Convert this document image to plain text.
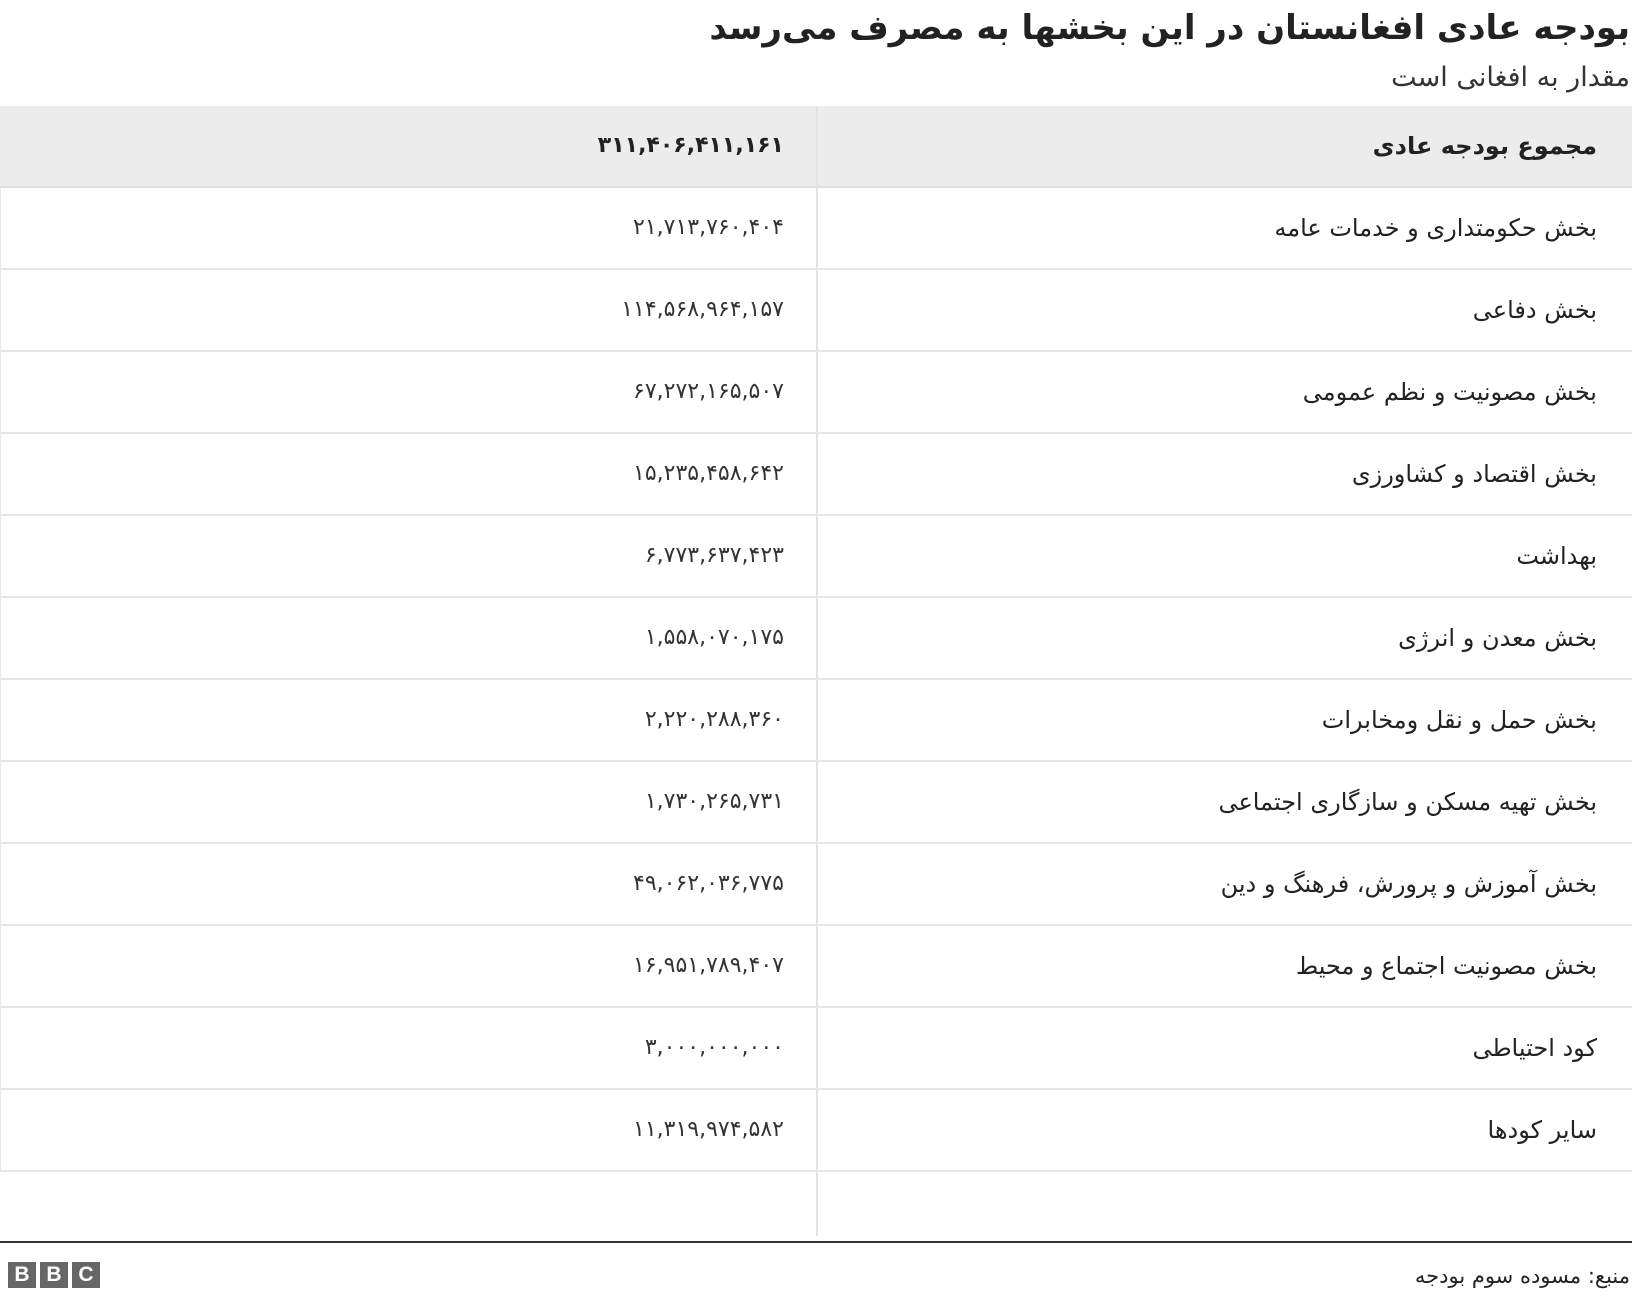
بودجه عادی افغانستان در این بخشها به مصرف می‌رسد
مقدار به افغانی است
مجموع بودجه عادی
۳۱۱,۴۰۶,۴۱۱,۱۶۱
بخش حکومتداری و خدمات عامه
۲۱,۷۱۳,۷۶۰,۴۰۴
بخش دفاعی
۱۱۴,۵۶۸,۹۶۴,۱۵۷
بخش مصونیت و نظم عمومی
۶۷,۲۷۲,۱۶۵,۵۰۷
بخش اقتصاد و کشاورزی
۱۵,۲۳۵,۴۵۸,۶۴۲
بهداشت
۶,۷۷۳,۶۳۷,۴۲۳
بخش معدن و انرژی
۱,۵۵۸,۰۷۰,۱۷۵
بخش حمل و نقل ومخابرات
۲,۲۲۰,۲۸۸,۳۶۰
بخش تهیه مسکن و سازگاری اجتماعی
۱,۷۳۰,۲۶۵,۷۳۱
بخش آموزش و پرورش، فرهنگ و دین
۴۹,۰۶۲,۰۳۶,۷۷۵
بخش مصونیت اجتماع و محیط
۱۶,۹۵۱,۷۸۹,۴۰۷
کود احتیاطی
۳,۰۰۰,۰۰۰,۰۰۰
سایر کودها
۱۱,۳۱۹,۹۷۴,۵۸۲
منبع: مسوده سوم بودجه
B B C
